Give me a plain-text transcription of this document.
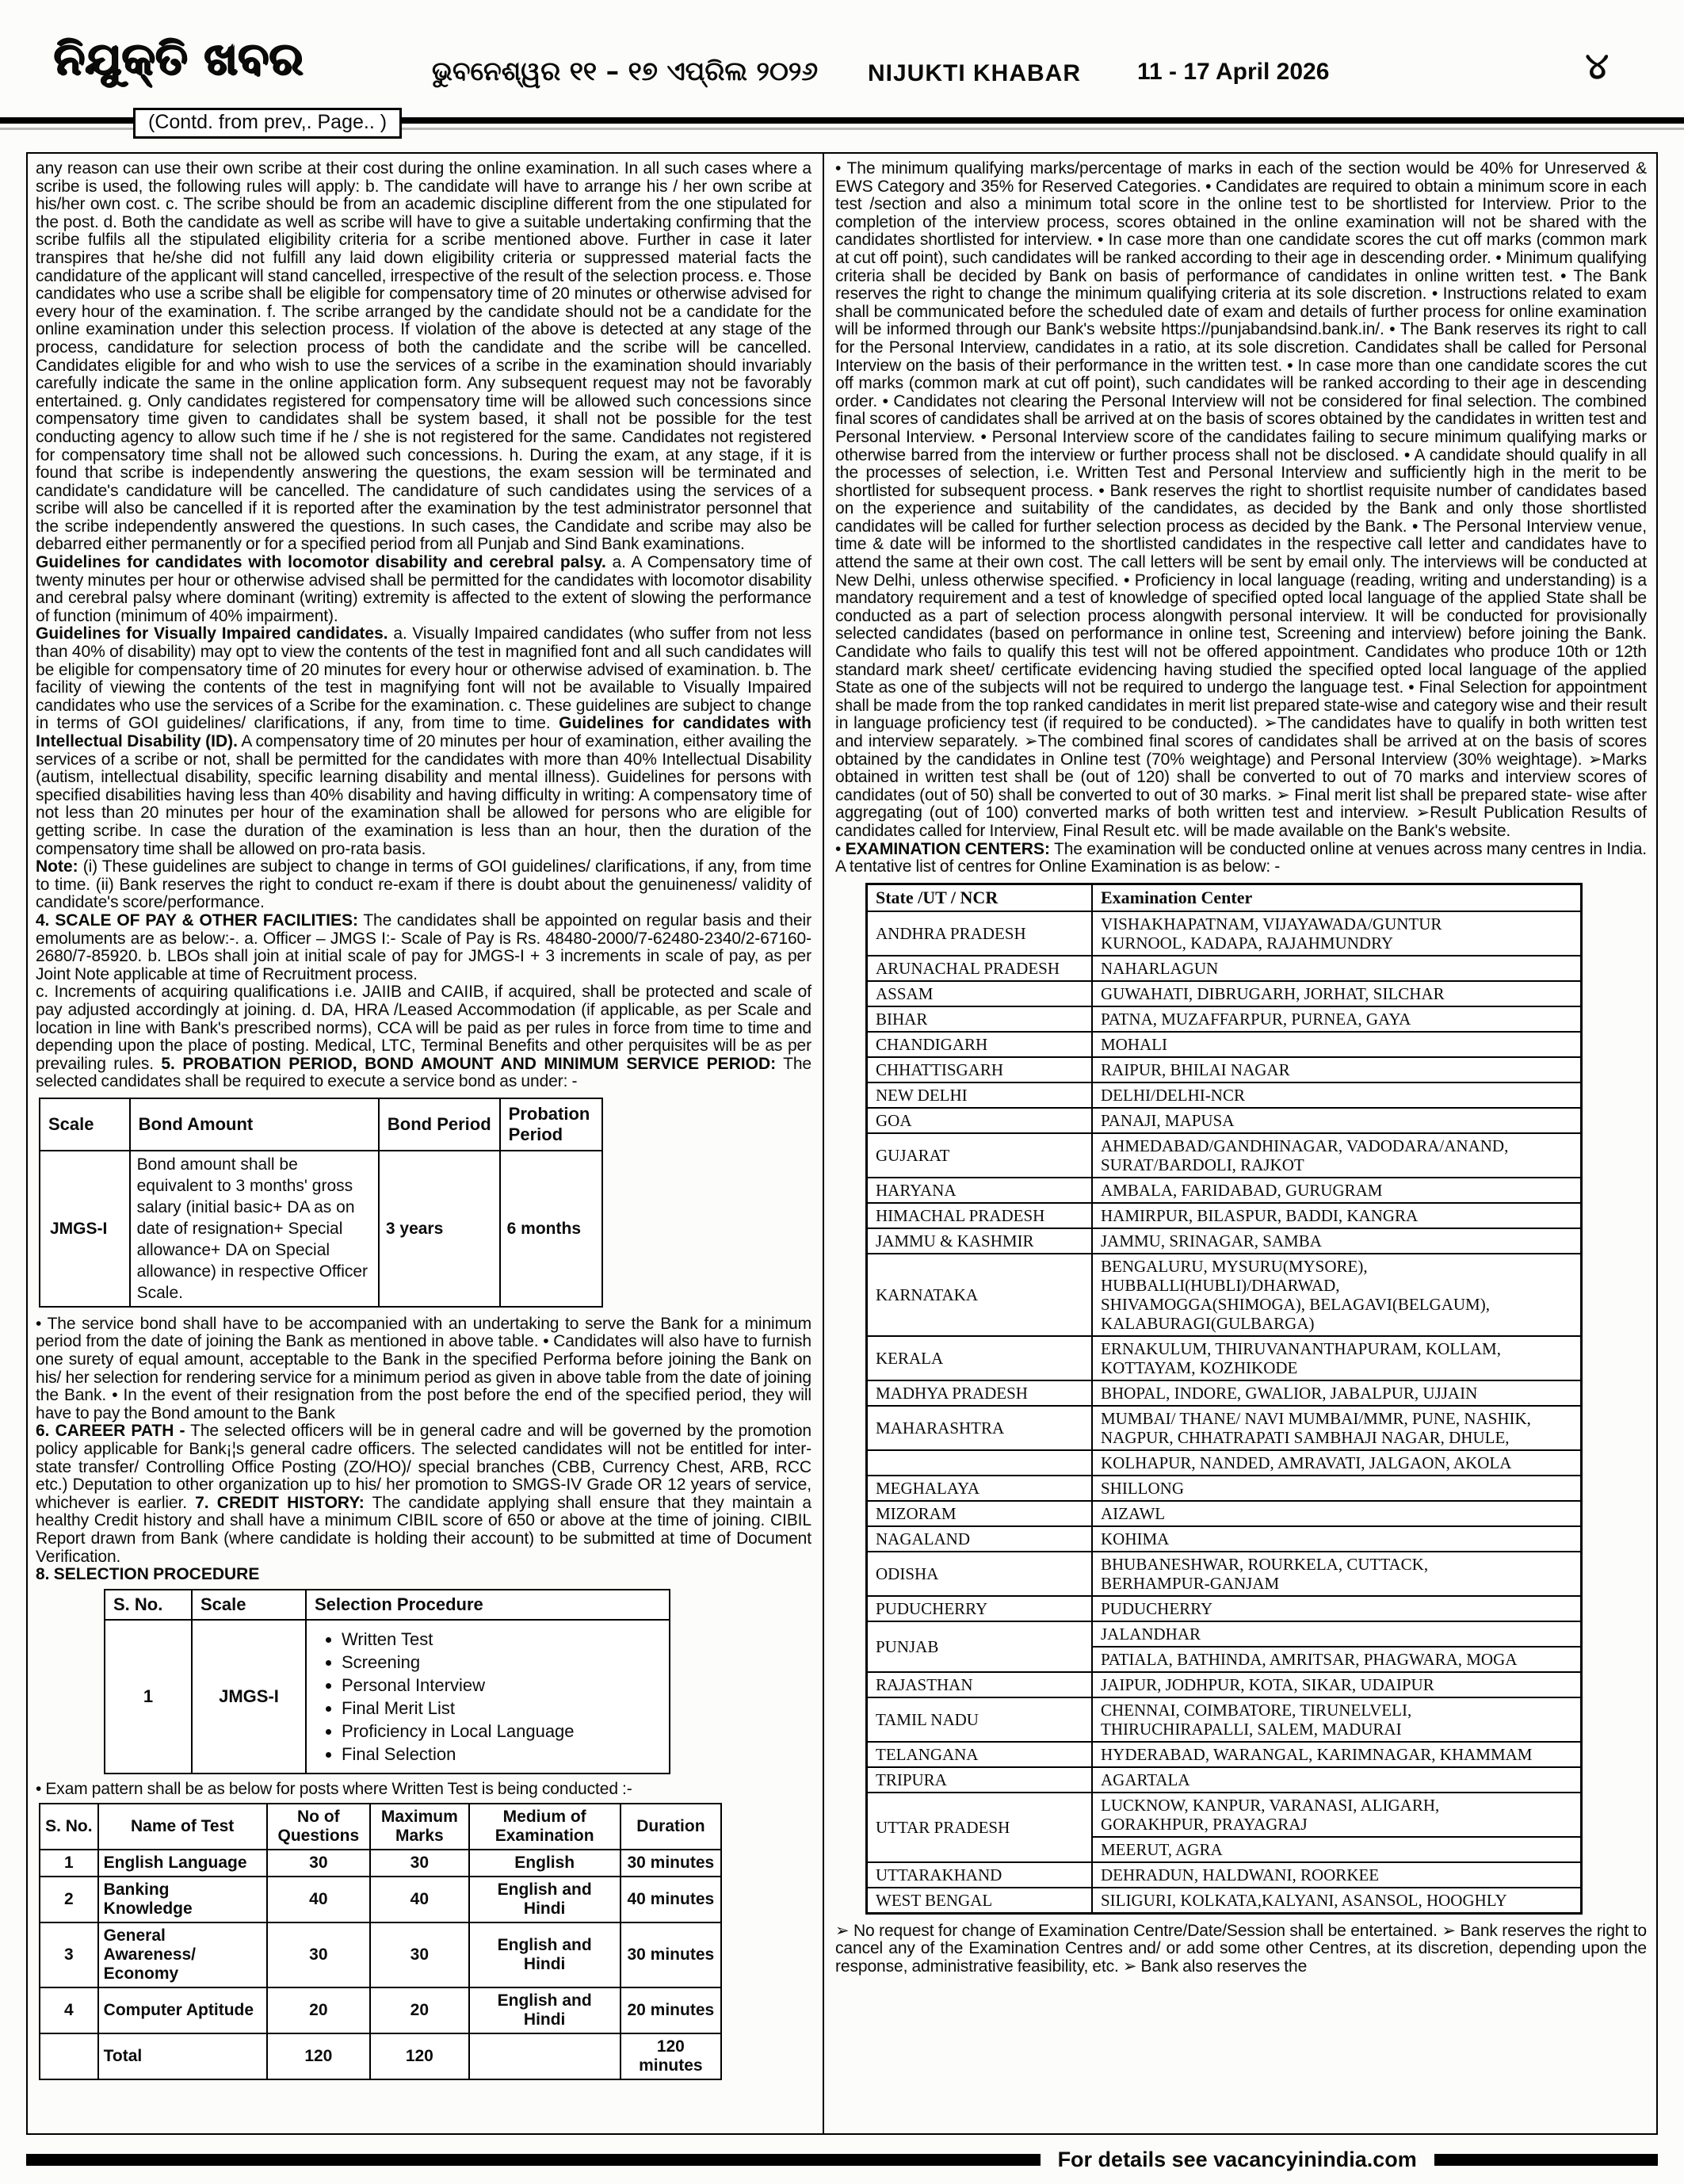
ନିଯୁକ୍ତି ଖବର	ଭୁବନେଶ୍ୱର ୧୧ – ୧୭ ଏପ୍ରିଲ ୨୦୨୬ NIJUKTI KHABAR 11 - 17 April 2026	୪
(Contd. from prev,. Page.. )

any reason can use their own scribe at their cost during the online examination. In all such cases where a scribe is used, the following rules will apply: b. The candidate will have to arrange his / her own scribe at his/her own cost. c. The scribe should be from an academic discipline different from the one stipulated for the post. d. Both the candidate as well as scribe will have to give a suitable undertaking confirming that the scribe fulfils all the stipulated eligibility criteria for a scribe mentioned above. Further in case it later transpires that he/she did not fulfill any laid down eligibility criteria or suppressed material facts the candidature of the applicant will stand cancelled, irrespective of the result of the selection process. e. Those candidates who use a scribe shall be eligible for compensatory time of 20 minutes or otherwise advised for every hour of the examination. f. The scribe arranged by the candidate should not be a candidate for the online examination under this selection process. If violation of the above is detected at any stage of the process, candidature for selection process of both the candidate and the scribe will be cancelled. Candidates eligible for and who wish to use the services of a scribe in the examination should invariably carefully indicate the same in the online application form. Any subsequent request may not be favorably entertained. g. Only candidates registered for compensatory time will be allowed such concessions since compensatory time given to candidates shall be system based, it shall not be possible for the test conducting agency to allow such time if he / she is not registered for the same. Candidates not registered for compensatory time shall not be allowed such concessions. h. During the exam, at any stage, if it is found that scribe is independently answering the questions, the exam session will be terminated and candidate's candidature will be cancelled. The candidature of such candidates using the services of a scribe will also be cancelled if it is reported after the examination by the test administrator personnel that the scribe independently answered the questions. In such cases, the Candidate and scribe may also be debarred either permanently or for a specified period from all Punjab and Sind Bank examinations.

Guidelines for candidates with locomotor disability and cerebral palsy. a. A Compensatory time of twenty minutes per hour or otherwise advised shall be permitted for the candidates with locomotor disability and cerebral palsy where dominant (writing) extremity is affected to the extent of slowing the performance of function (minimum of 40% impairment).

Guidelines for Visually Impaired candidates. a. Visually Impaired candidates (who suffer from not less than 40% of disability) may opt to view the contents of the test in magnified font and all such candidates will be eligible for compensatory time of 20 minutes for every hour or otherwise advised of examination. b. The facility of viewing the contents of the test in magnifying font will not be available to Visually Impaired candidates who use the services of a Scribe for the examination. c. These guidelines are subject to change in terms of GOI guidelines/ clarifications, if any, from time to time. Guidelines for candidates with Intellectual Disability (ID). A compensatory time of 20 minutes per hour of examination, either availing the services of a scribe or not, shall be permitted for the candidates with more than 40% Intellectual Disability (autism, intellectual disability, specific learning disability and mental illness). Guidelines for persons with specified disabilities having less than 40% disability and having difficulty in writing: A compensatory time of not less than 20 minutes per hour of the examination shall be allowed for persons who are eligible for getting scribe. In case the duration of the examination is less than an hour, then the duration of the compensatory time shall be allowed on pro-rata basis.

Note: (i) These guidelines are subject to change in terms of GOI guidelines/ clarifications, if any, from time to time. (ii) Bank reserves the right to conduct re-exam if there is doubt about the genuineness/ validity of candidate's score/performance.

4. SCALE OF PAY & OTHER FACILITIES: The candidates shall be appointed on regular basis and their emoluments are as below:-. a. Officer – JMGS I:- Scale of Pay is Rs. 48480-2000/7-62480-2340/2-67160-2680/7-85920. b. LBOs shall join at initial scale of pay for JMGS-I + 3 increments in scale of pay, as per Joint Note applicable at time of Recruitment process.

c. Increments of acquiring qualifications i.e. JAIIB and CAIIB, if acquired, shall be protected and scale of pay adjusted accordingly at joining. d. DA, HRA /Leased Accommodation (if applicable, as per Scale and location in line with Bank's prescribed norms), CCA will be paid as per rules in force from time to time and depending upon the place of posting. Medical, LTC, Terminal Benefits and other perquisites will be as per prevailing rules. 5. PROBATION PERIOD, BOND AMOUNT AND MINIMUM SERVICE PERIOD: The selected candidates shall be required to execute a service bond as under: -

Scale	Bond Amount	Bond Period	Probation Period
JMGS-I	Bond amount shall be equivalent to 3 months' gross salary (initial basic+ DA as on date of resignation+ Special allowance+ DA on Special allowance) in respective Officer Scale.	3 years	6 months

• The service bond shall have to be accompanied with an undertaking to serve the Bank for a minimum period from the date of joining the Bank as mentioned in above table. • Candidates will also have to furnish one surety of equal amount, acceptable to the Bank in the specified Performa before joining the Bank on his/ her selection for rendering service for a minimum period as given in above table from the date of joining the Bank. • In the event of their resignation from the post before the end of the specified period, they will have to pay the Bond amount to the Bank

6. CAREER PATH - The selected officers will be in general cadre and will be governed by the promotion policy applicable for Bank¡¦s general cadre officers. The selected candidates will not be entitled for inter-state transfer/ Controlling Office Posting (ZO/HO)/ special branches (CBB, Currency Chest, ARB, RCC etc.) Deputation to other organization up to his/ her promotion to SMGS-IV Grade OR 12 years of service, whichever is earlier. 7. CREDIT HISTORY: The candidate applying shall ensure that they maintain a healthy Credit history and shall have a minimum CIBIL score of 650 or above at the time of joining. CIBIL Report drawn from Bank (where candidate is holding their account) to be submitted at time of Document Verification.

8. SELECTION PROCEDURE

S. No.	Scale	Selection Procedure
1	JMGS-I	
• Written Test
• Screening
• Personal Interview
• Final Merit List
• Proficiency in Local Language
• Final Selection

• Exam pattern shall be as below for posts where Written Test is being conducted :-

S. No.	Name of Test	No of Questions	Maximum Marks	Medium of Examination	Duration
1	English Language	30	30	English	30 minutes
2	Banking Knowledge	40	40	English and Hindi	40 minutes
3	General Awareness/ Economy	30	30	English and Hindi	30 minutes
4	Computer Aptitude	20	20	English and Hindi	20 minutes
	Total	120	120		120 minutes

• The minimum qualifying marks/percentage of marks in each of the section would be 40% for Unreserved & EWS Category and 35% for Reserved Categories. • Candidates are required to obtain a minimum score in each test /section and also a minimum total score in the online test to be shortlisted for Interview. Prior to the completion of the interview process, scores obtained in the online examination will not be shared with the candidates shortlisted for interview. • In case more than one candidate scores the cut off marks (common mark at cut off point), such candidates will be ranked according to their age in descending order. • Minimum qualifying criteria shall be decided by Bank on basis of performance of candidates in online written test. • The Bank reserves the right to change the minimum qualifying criteria at its sole discretion. • Instructions related to exam shall be communicated before the scheduled date of exam and details of further process for online examination will be informed through our Bank's website https://punjabandsind.bank.in/. • The Bank reserves its right to call for the Personal Interview, candidates in a ratio, at its sole discretion. Candidates shall be called for Personal Interview on the basis of their performance in the written test. • In case more than one candidate scores the cut off marks (common mark at cut off point), such candidates will be ranked according to their age in descending order. • Candidates not clearing the Personal Interview will not be considered for final selection. The combined final scores of candidates shall be arrived at on the basis of scores obtained by the candidates in written test and Personal Interview. • Personal Interview score of the candidates failing to secure minimum qualifying marks or otherwise barred from the interview or further process shall not be disclosed. • A candidate should qualify in all the processes of selection, i.e. Written Test and Personal Interview and sufficiently high in the merit to be shortlisted for subsequent process. • Bank reserves the right to shortlist requisite number of candidates based on the experience and suitability of the candidates, as decided by the Bank and only those shortlisted candidates will be called for further selection process as decided by the Bank. • The Personal Interview venue, time & date will be informed to the shortlisted candidates in the respective call letter and candidates have to attend the same at their own cost. The call letters will be sent by email only. The interviews will be conducted at New Delhi, unless otherwise specified. • Proficiency in local language (reading, writing and understanding) is a mandatory requirement and a test of knowledge of specified opted local language of the applied State shall be conducted as a part of selection process alongwith personal interview. It will be conducted for provisionally selected candidates (based on performance in online test, Screening and interview) before joining the Bank. Candidate who fails to qualify this test will not be offered appointment. Candidates who produce 10th or 12th standard mark sheet/ certificate evidencing having studied the specified opted local language of the applied State as one of the subjects will not be required to undergo the language test. • Final Selection for appointment shall be made from the top ranked candidates in merit list prepared state-wise and category wise and their result in language proficiency test (if required to be conducted). ➢The candidates have to qualify in both written test and interview separately. ➢The combined final scores of candidates shall be arrived at on the basis of scores obtained by the candidates in Online test (70% weightage) and Personal Interview (30% weightage). ➢Marks obtained in written test shall be (out of 120) shall be converted to out of 70 marks and interview scores of candidates (out of 50) shall be converted to out of 30 marks. ➢ Final merit list shall be prepared state- wise after aggregating (out of 100) converted marks of both written test and interview. ➢Result Publication Results of candidates called for Interview, Final Result etc. will be made available on the Bank's website.

• EXAMINATION CENTERS: The examination will be conducted online at venues across many centres in India. A tentative list of centres for Online Examination is as below: -

State /UT / NCR	Examination Center
ANDHRA PRADESH	VISHAKHAPATNAM, VIJAYAWADA/GUNTUR
KURNOOL, KADAPA, RAJAHMUNDRY
ARUNACHAL PRADESH	NAHARLAGUN
ASSAM	GUWAHATI, DIBRUGARH, JORHAT, SILCHAR
BIHAR	PATNA, MUZAFFARPUR, PURNEA, GAYA
CHANDIGARH	MOHALI
CHHATTISGARH	RAIPUR, BHILAI NAGAR
NEW DELHI	DELHI/DELHI-NCR
GOA	PANAJI, MAPUSA
GUJARAT	AHMEDABAD/GANDHINAGAR, VADODARA/ANAND,
SURAT/BARDOLI, RAJKOT
HARYANA	AMBALA, FARIDABAD, GURUGRAM
HIMACHAL PRADESH	HAMIRPUR, BILASPUR, BADDI, KANGRA
JAMMU & KASHMIR	JAMMU, SRINAGAR, SAMBA
KARNATAKA	BENGALURU, MYSURU(MYSORE),
HUBBALLI(HUBLI)/DHARWAD,
SHIVAMOGGA(SHIMOGA), BELAGAVI(BELGAUM),
KALABURAGI(GULBARGA)
KERALA	ERNAKULUM, THIRUVANANTHAPURAM, KOLLAM,
KOTTAYAM, KOZHIKODE
MADHYA PRADESH	BHOPAL, INDORE, GWALIOR, JABALPUR, UJJAIN
MAHARASHTRA	MUMBAI/ THANE/ NAVI MUMBAI/MMR, PUNE, NASHIK,
NAGPUR, CHHATRAPATI SAMBHAJI NAGAR, DHULE,
	KOLHAPUR, NANDED, AMRAVATI, JALGAON, AKOLA
MEGHALAYA	SHILLONG
MIZORAM	AIZAWL
NAGALAND	KOHIMA
ODISHA	BHUBANESHWAR, ROURKELA, CUTTACK,
BERHAMPUR-GANJAM
PUDUCHERRY	PUDUCHERRY
PUNJAB	JALANDHAR
	PATIALA, BATHINDA, AMRITSAR, PHAGWARA, MOGA
RAJASTHAN	JAIPUR, JODHPUR, KOTA, SIKAR, UDAIPUR
TAMIL NADU	CHENNAI, COIMBATORE, TIRUNELVELI,
THIRUCHIRAPALLI, SALEM, MADURAI
TELANGANA	HYDERABAD, WARANGAL, KARIMNAGAR, KHAMMAM
TRIPURA	AGARTALA
UTTAR PRADESH	LUCKNOW, KANPUR, VARANASI, ALIGARH,
GORAKHPUR, PRAYAGRAJ
	MEERUT, AGRA
UTTARAKHAND	DEHRADUN, HALDWANI, ROORKEE
WEST BENGAL	SILIGURI, KOLKATA,KALYANI, ASANSOL, HOOGHLY

➢ No request for change of Examination Centre/Date/Session shall be entertained. ➢ Bank reserves the right to cancel any of the Examination Centres and/ or add some other Centres, at its discretion, depending upon the response, administrative feasibility, etc. ➢ Bank also reserves the

For details see vacancyinindia.com
